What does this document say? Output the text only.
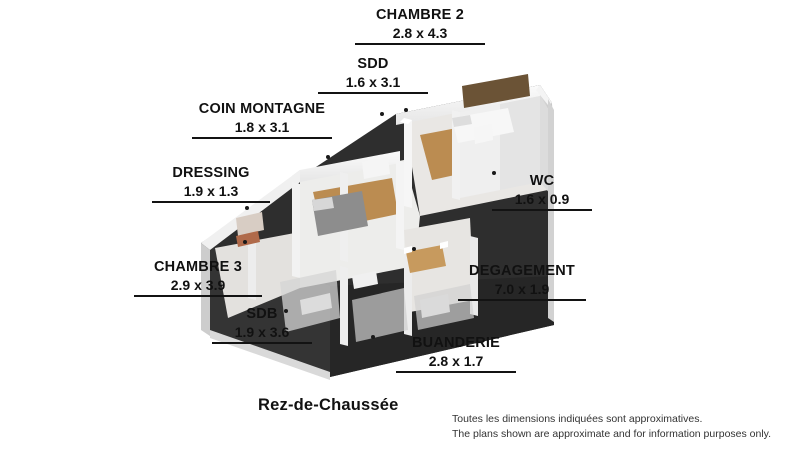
CHAMBRE 2
2.8 x 4.3
SDD
1.6 x 3.1
COIN MONTAGNE
1.8 x 3.1
DRESSING
1.9 x 1.3
WC
1.6 x 0.9
CHAMBRE 3
2.9 x 3.9
DEGAGEMENT
7.0 x 1.9
SDB
1.9 x 3.6
BUANDERIE
2.8 x 1.7
Rez-de-Chaussée
Toutes les dimensions indiquées sont approximatives.
The plans shown are approximate and for information purposes only.
